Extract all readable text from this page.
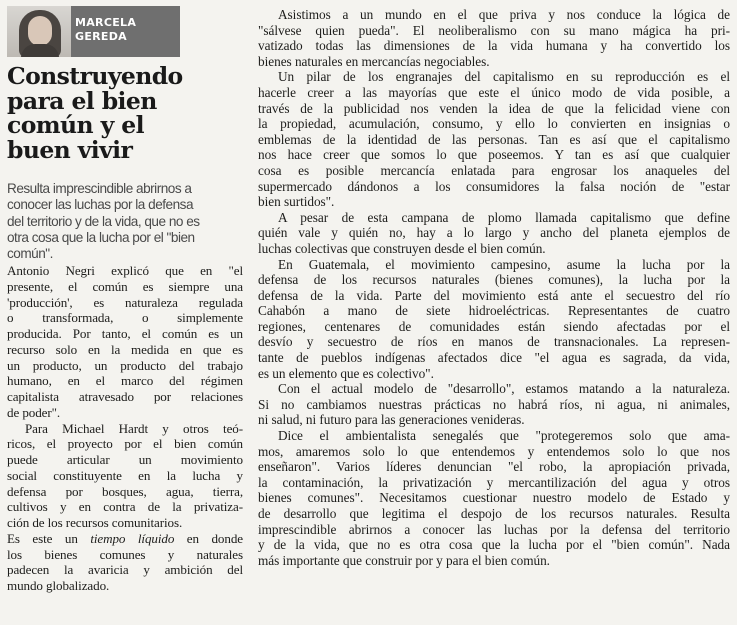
MARCELA
GEREDA
Construyendo
para el bien
común y el
buen vivir

Resulta imprescindible abrirnos a
conocer las luchas por la defensa
del territorio y de la vida, que no es
otra cosa que la lucha por el "bien
común".

Antonio Negri explicó que en "el
presente, el común es siempre una
'producción', es naturaleza regulada
o transformada, o simplemente
producida. Por tanto, el común es un
recurso solo en la medida en que es
un producto, un producto del trabajo
humano, en el marco del régimen
capitalista atravesado por relaciones
de poder".
Para Michael Hardt y otros teó-
ricos, el proyecto por el bien común
puede articular un movimiento
social constituyente en la lucha y
defensa por bosques, agua, tierra,
cultivos y en contra de la privatiza-
ción de los recursos comunitarios.
Es este un tiempo líquido en donde
los bienes comunes y naturales
padecen la avaricia y ambición del
mundo globalizado.
Asistimos a un mundo en el que priva y nos conduce la lógica de
"sálvese quien pueda". El neoliberalismo con su mano mágica ha pri-
vatizado todas las dimensiones de la vida humana y ha convertido los
bienes naturales en mercancías negociables.
Un pilar de los engranajes del capitalismo en su reproducción es el
hacerle creer a las mayorías que este el único modo de vida posible, a
través de la publicidad nos venden la idea de que la felicidad viene con
la propiedad, acumulación, consumo, y ello lo convierten en insignias o
emblemas de la identidad de las personas. Tan es así que el capitalismo
nos hace creer que somos lo que poseemos. Y tan es así que cualquier
cosa es posible mercancía enlatada para engrosar los anaqueles del
supermercado dándonos a los consumidores la falsa noción de "estar
bien surtidos".
A pesar de esta campana de plomo llamada capitalismo que define
quién vale y quién no, hay a lo largo y ancho del planeta ejemplos de
luchas colectivas que construyen desde el bien común.
En Guatemala, el movimiento campesino, asume la lucha por la
defensa de los recursos naturales (bienes comunes), la lucha por la
defensa de la vida. Parte del movimiento está ante el secuestro del río
Cahabón a mano de siete hidroeléctricas. Representantes de cuatro
regiones, centenares de comunidades están siendo afectadas por el
desvío y secuestro de ríos en manos de transnacionales. La represen-
tante de pueblos indígenas afectados dice "el agua es sagrada, da vida,
es un elemento que es colectivo".
Con el actual modelo de "desarrollo", estamos matando a la naturaleza.
Si no cambiamos nuestras prácticas no habrá ríos, ni agua, ni animales,
ni salud, ni futuro para las generaciones venideras.
Dice el ambientalista senegalés que "protegeremos solo que ama-
mos, amaremos solo lo que entendemos y entendemos solo lo que nos
enseñaron". Varios líderes denuncian "el robo, la apropiación privada,
la contaminación, la privatización y mercantilización del agua y otros
bienes comunes". Necesitamos cuestionar nuestro modelo de Estado y
de desarrollo que legitima el despojo de los recursos naturales. Resulta
imprescindible abrirnos a conocer las luchas por la defensa del territorio
y de la vida, que no es otra cosa que la lucha por el "bien común". Nada
más importante que construir por y para el bien común.
